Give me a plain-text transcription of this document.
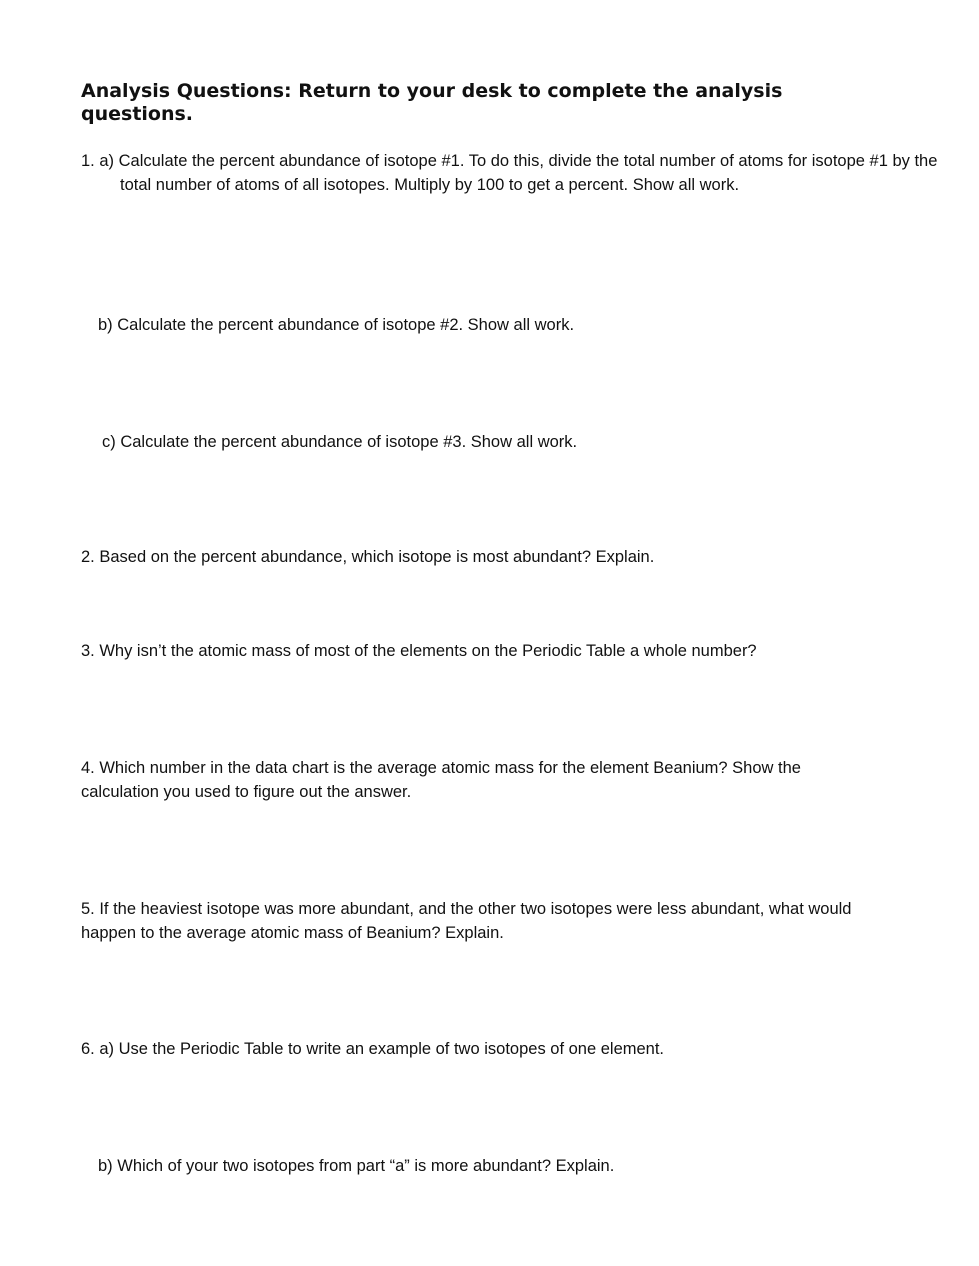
Analysis Questions: Return to your desk to complete the analysis questions.

1. a) Calculate the percent abundance of isotope #1. To do this, divide the total number of atoms for isotope #1 by the total number of atoms of all isotopes. Multiply by 100 to get a percent. Show all work.

b) Calculate the percent abundance of isotope #2. Show all work.

c) Calculate the percent abundance of isotope #3. Show all work.

2. Based on the percent abundance, which isotope is most abundant? Explain.

3. Why isn’t the atomic mass of most of the elements on the Periodic Table a whole number?

4. Which number in the data chart is the average atomic mass for the element Beanium? Show the calculation you used to figure out the answer.

5. If the heaviest isotope was more abundant, and the other two isotopes were less abundant, what would happen to the average atomic mass of Beanium? Explain.

6. a) Use the Periodic Table to write an example of two isotopes of one element.

b) Which of your two isotopes from part “a” is more abundant? Explain.
